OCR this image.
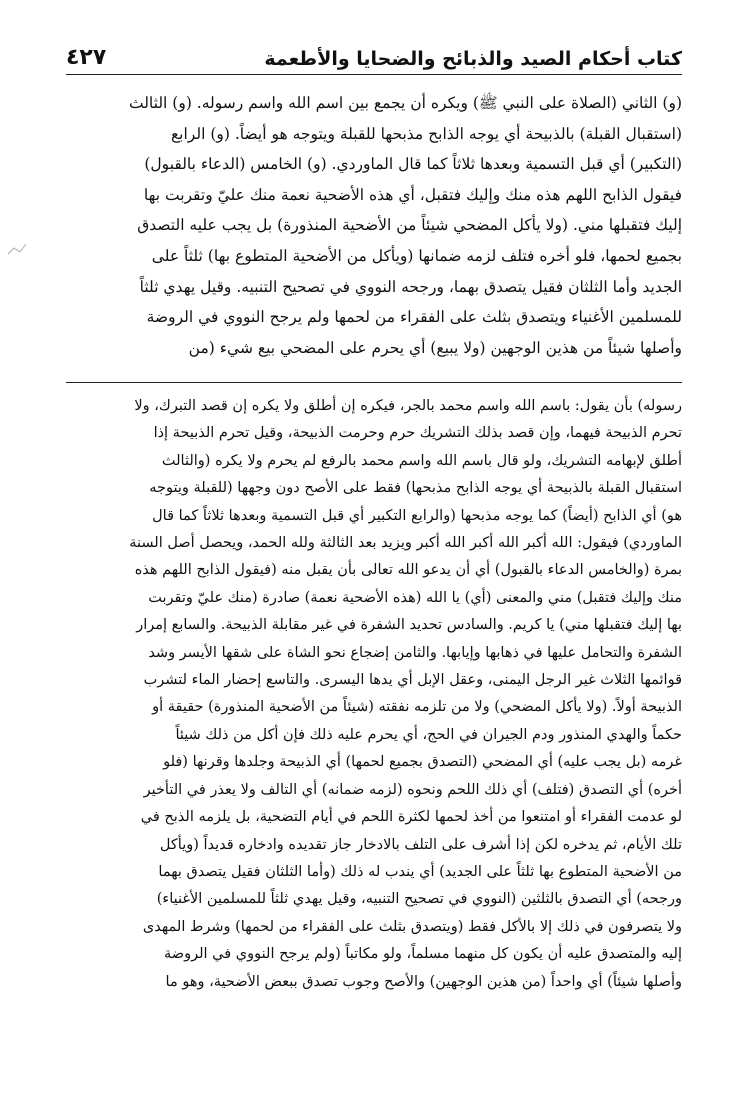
كتاب أحكام الصيد والذبائح والضحايا والأطعمة
٤٢٧
(و) الثاني (الصلاة على النبي ﷺ) ويكره أن يجمع بين اسم الله واسم رسوله. (و) الثالث
(استقبال القبلة) بالذبيحة أي يوجه الذابح مذبحها للقبلة ويتوجه هو أيضاً. (و) الرابع
(التكبير) أي قبل التسمية وبعدها ثلاثاً كما قال الماوردي. (و) الخامس (الدعاء بالقبول)
فيقول الذابح اللهم هذه منك وإليك فتقبل، أي هذه الأضحية نعمة منك عليّ وتقربت بها
إليك فتقبلها مني. (ولا يأكل المضحي شيئاً من الأضحية المنذورة) بل يجب عليه التصدق
بجميع لحمها، فلو أخره فتلف لزمه ضمانها (ويأكل من الأضحية المتطوع بها) ثلثاً على
الجديد وأما الثلثان فقيل يتصدق بهما، ورجحه النووي في تصحيح التنبيه. وقيل يهدي ثلثاً
للمسلمين الأغنياء ويتصدق بثلث على الفقراء من لحمها ولم يرجح النووي في الروضة
وأصلها شيئاً من هذين الوجهين (ولا يبيع) أي يحرم على المضحي بيع شيء (من
رسوله) بأن يقول: باسم الله واسم محمد بالجر، فيكره إن أطلق ولا يكره إن قصد التبرك، ولا
تحرم الذبيحة فيهما، وإن قصد بذلك التشريك حرم وحرمت الذبيحة، وقيل تحرم الذبيحة إذا
أطلق لإبهامه التشريك، ولو قال باسم الله واسم محمد بالرفع لم يحرم ولا يكره (والثالث
استقبال القبلة بالذبيحة أي يوجه الذابح مذبحها) فقط على الأصح دون وجهها (للقبلة ويتوجه
هو) أي الذابح (أيضاً) كما يوجه مذبحها (والرابع التكبير أي قبل التسمية وبعدها ثلاثاً كما قال
الماوردي) فيقول: الله أكبر الله أكبر الله أكبر ويزيد بعد الثالثة ولله الحمد، ويحصل أصل السنة
بمرة (والخامس الدعاء بالقبول) أي أن يدعو الله تعالى بأن يقبل منه (فيقول الذابح اللهم هذه
منك وإليك فتقبل) مني والمعنى (أي) يا الله (هذه الأضحية نعمة) صادرة (منك عليّ وتقربت
بها إليك فتقبلها مني) يا كريم. والسادس تحديد الشفرة في غير مقابلة الذبيحة. والسابع إمرار
الشفرة والتحامل عليها في ذهابها وإيابها. والثامن إضجاع نحو الشاة على شقها الأيسر وشد
قوائمها الثلاث غير الرجل اليمنى، وعقل الإبل أي يدها اليسرى. والتاسع إحضار الماء لتشرب
الذبيحة أولاً. (ولا يأكل المضحي) ولا من تلزمه نفقته (شيئاً من الأضحية المنذورة) حقيقة أو
حكماً والهدي المنذور ودم الجيران في الحج، أي يحرم عليه ذلك فإن أكل من ذلك شيئاً
غرمه (بل يجب عليه) أي المضحي (التصدق بجميع لحمها) أي الذبيحة وجلدها وقرنها (فلو
أخره) أي التصدق (فتلف) أي ذلك اللحم ونحوه (لزمه ضمانه) أي التالف ولا يعذر في التأخير
لو عدمت الفقراء أو امتنعوا من أخذ لحمها لكثرة اللحم في أيام التضحية، بل يلزمه الذبح في
تلك الأيام، ثم يدخره لكن إذا أشرف على التلف بالادخار جاز تقديده وادخاره قديداً (ويأكل
من الأضحية المتطوع بها ثلثاً على الجديد) أي يندب له ذلك (وأما الثلثان فقيل يتصدق بهما
ورجحه) أي التصدق بالثلثين (النووي في تصحيح التنبيه، وقيل يهدي ثلثاً للمسلمين الأغنياء)
ولا يتصرفون في ذلك إلا بالأكل فقط (ويتصدق بثلث على الفقراء من لحمها) وشرط المهدى
إليه والمتصدق عليه أن يكون كل منهما مسلماً، ولو مكاتباً (ولم يرجح النووي في الروضة
وأصلها شيئاً) أي واحداً (من هذين الوجهين) والأصح وجوب تصدق ببعض الأضحية، وهو ما
